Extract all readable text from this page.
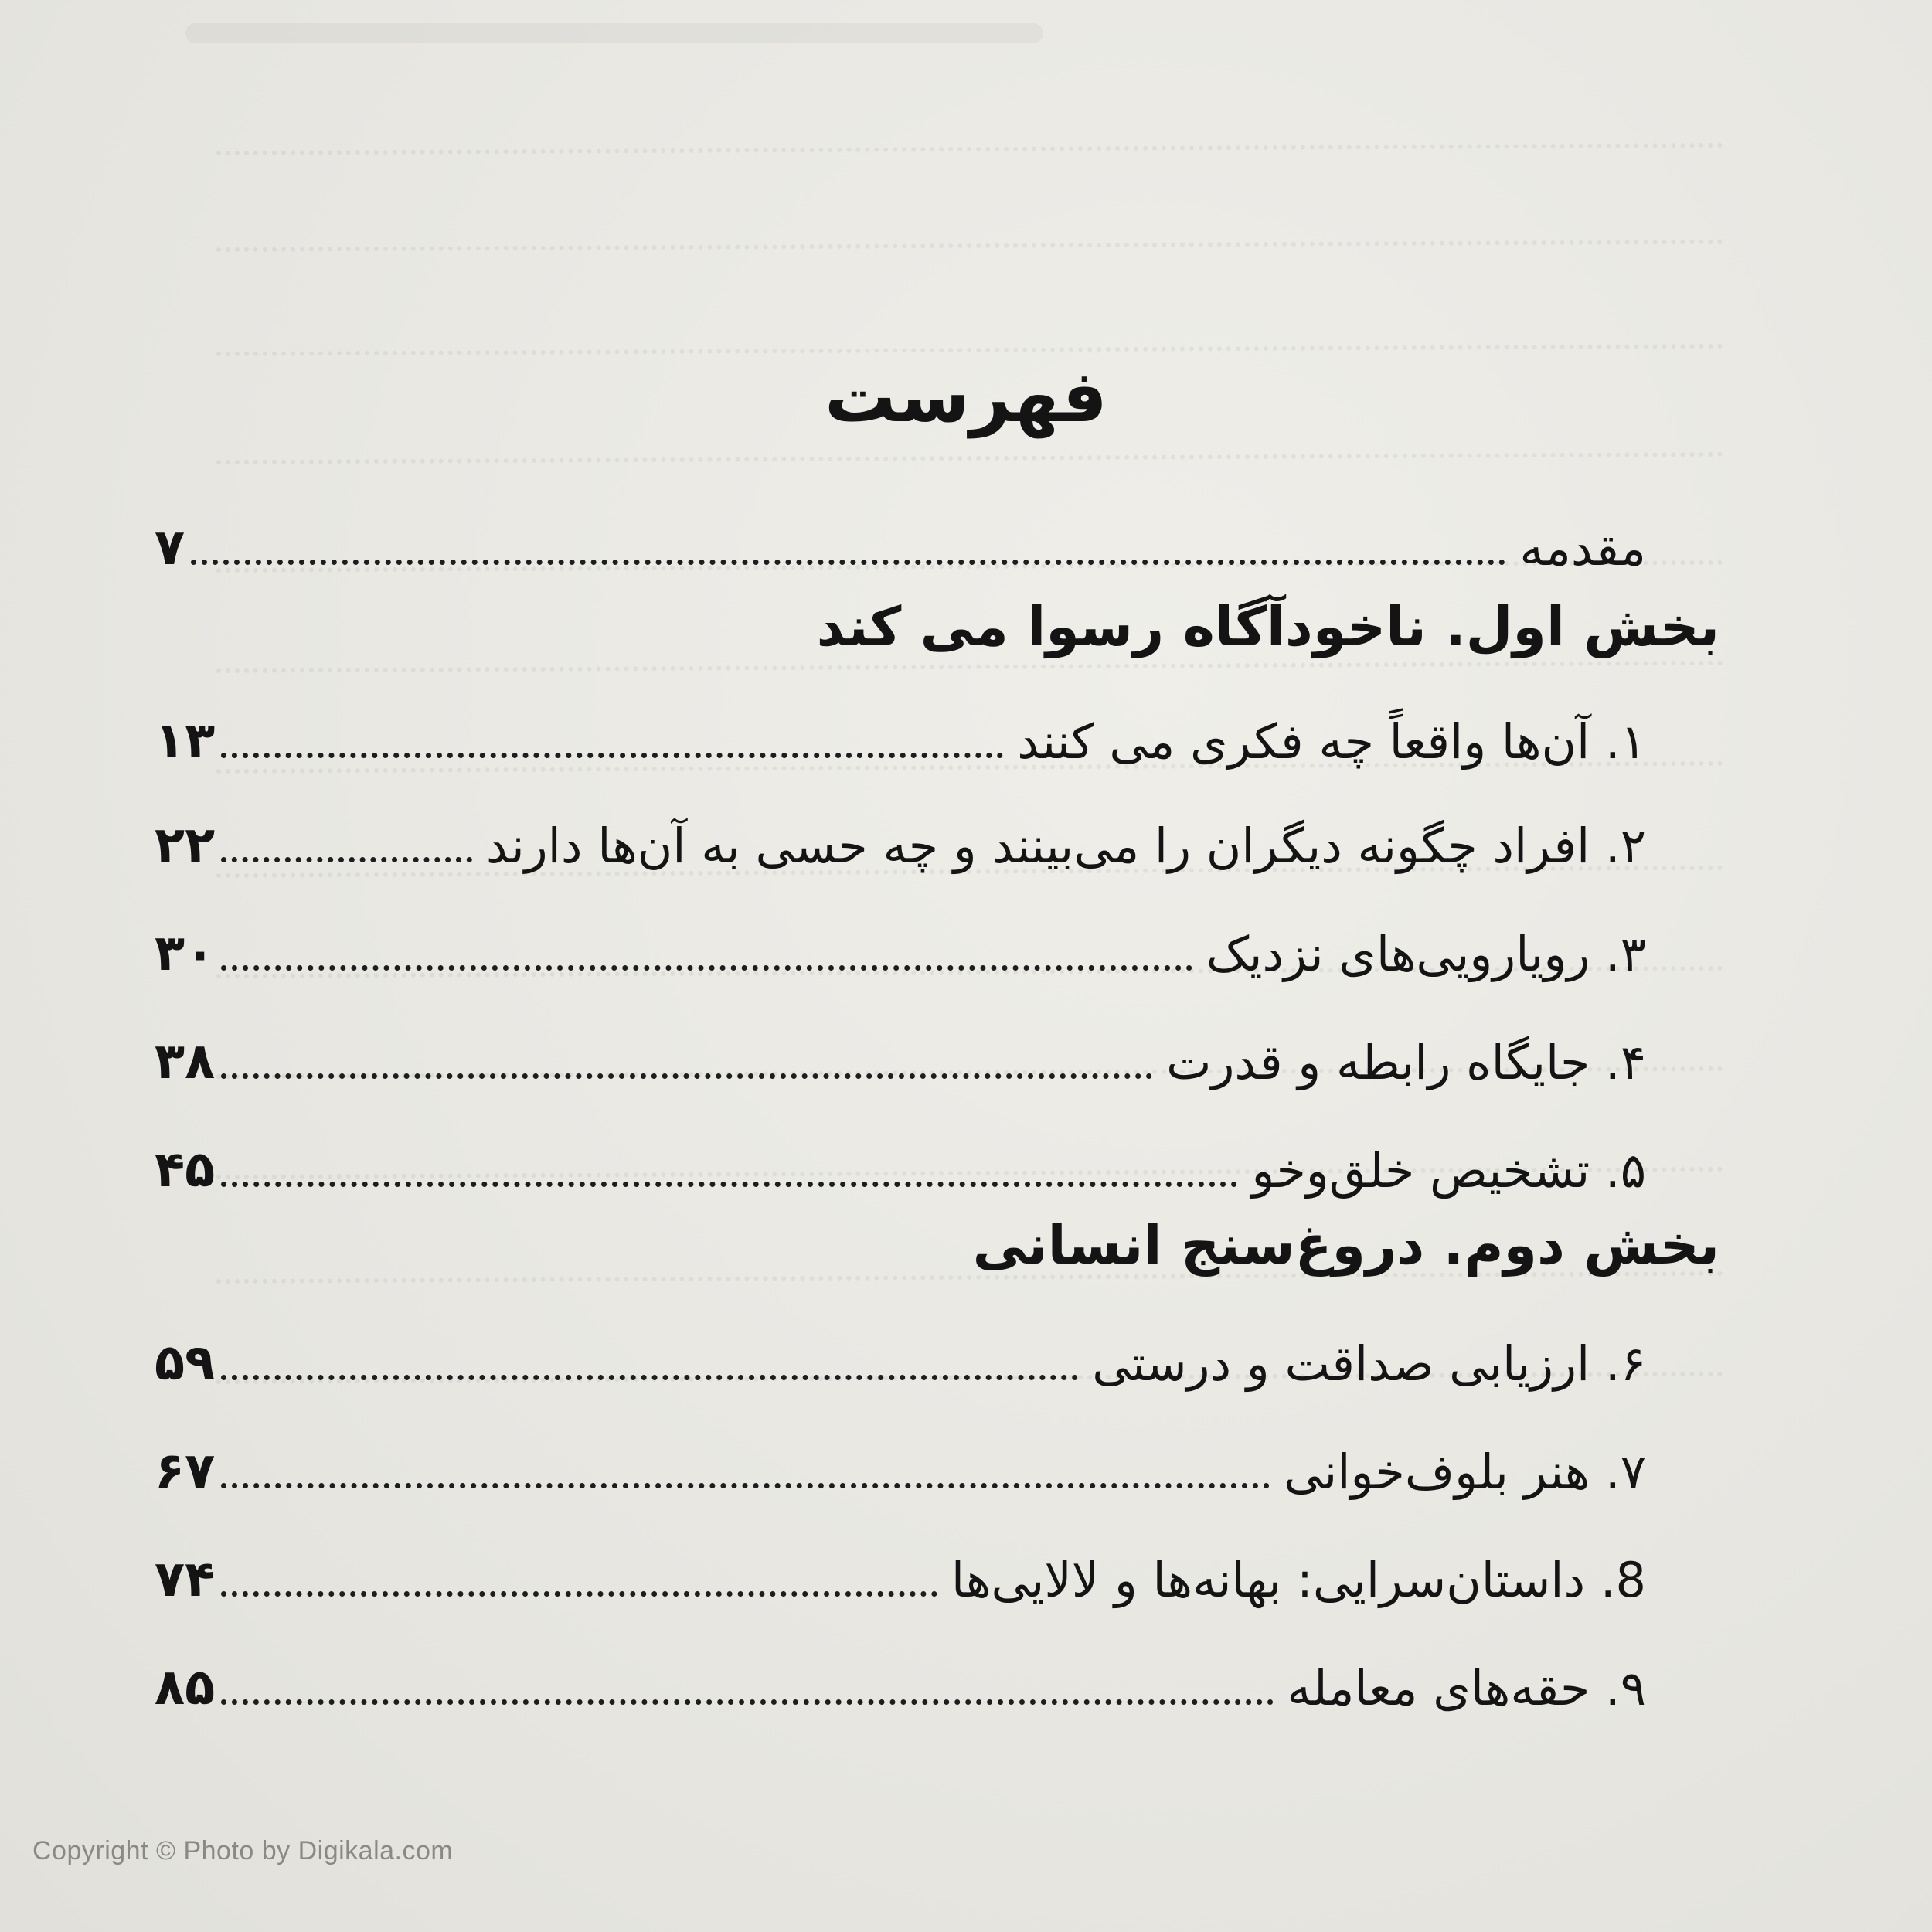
فهرست
مقدمه
۷
بخش اول. ناخودآگاه رسوا می کند
۱. آن‌ها واقعاً چه فکری می کنند
۱۳
۲. افراد چگونه دیگران را می‌بینند و چه حسی به آن‌ها دارند
۲۲
۳. رویارویی‌های نزدیک
۳۰
۴. جایگاه رابطه و قدرت
۳۸
۵. تشخیص خلق‌وخو
۴۵
بخش دوم. دروغ‌سنج انسانی
۶. ارزیابی صداقت و درستی
۵۹
۷. هنر بلوف‌خوانی
۶۷
8. داستان‌سرایی: بهانه‌ها و لالایی‌ها
۷۴
۹. حقه‌های معامله
۸۵
Copyright © Photo by Digikala.com
